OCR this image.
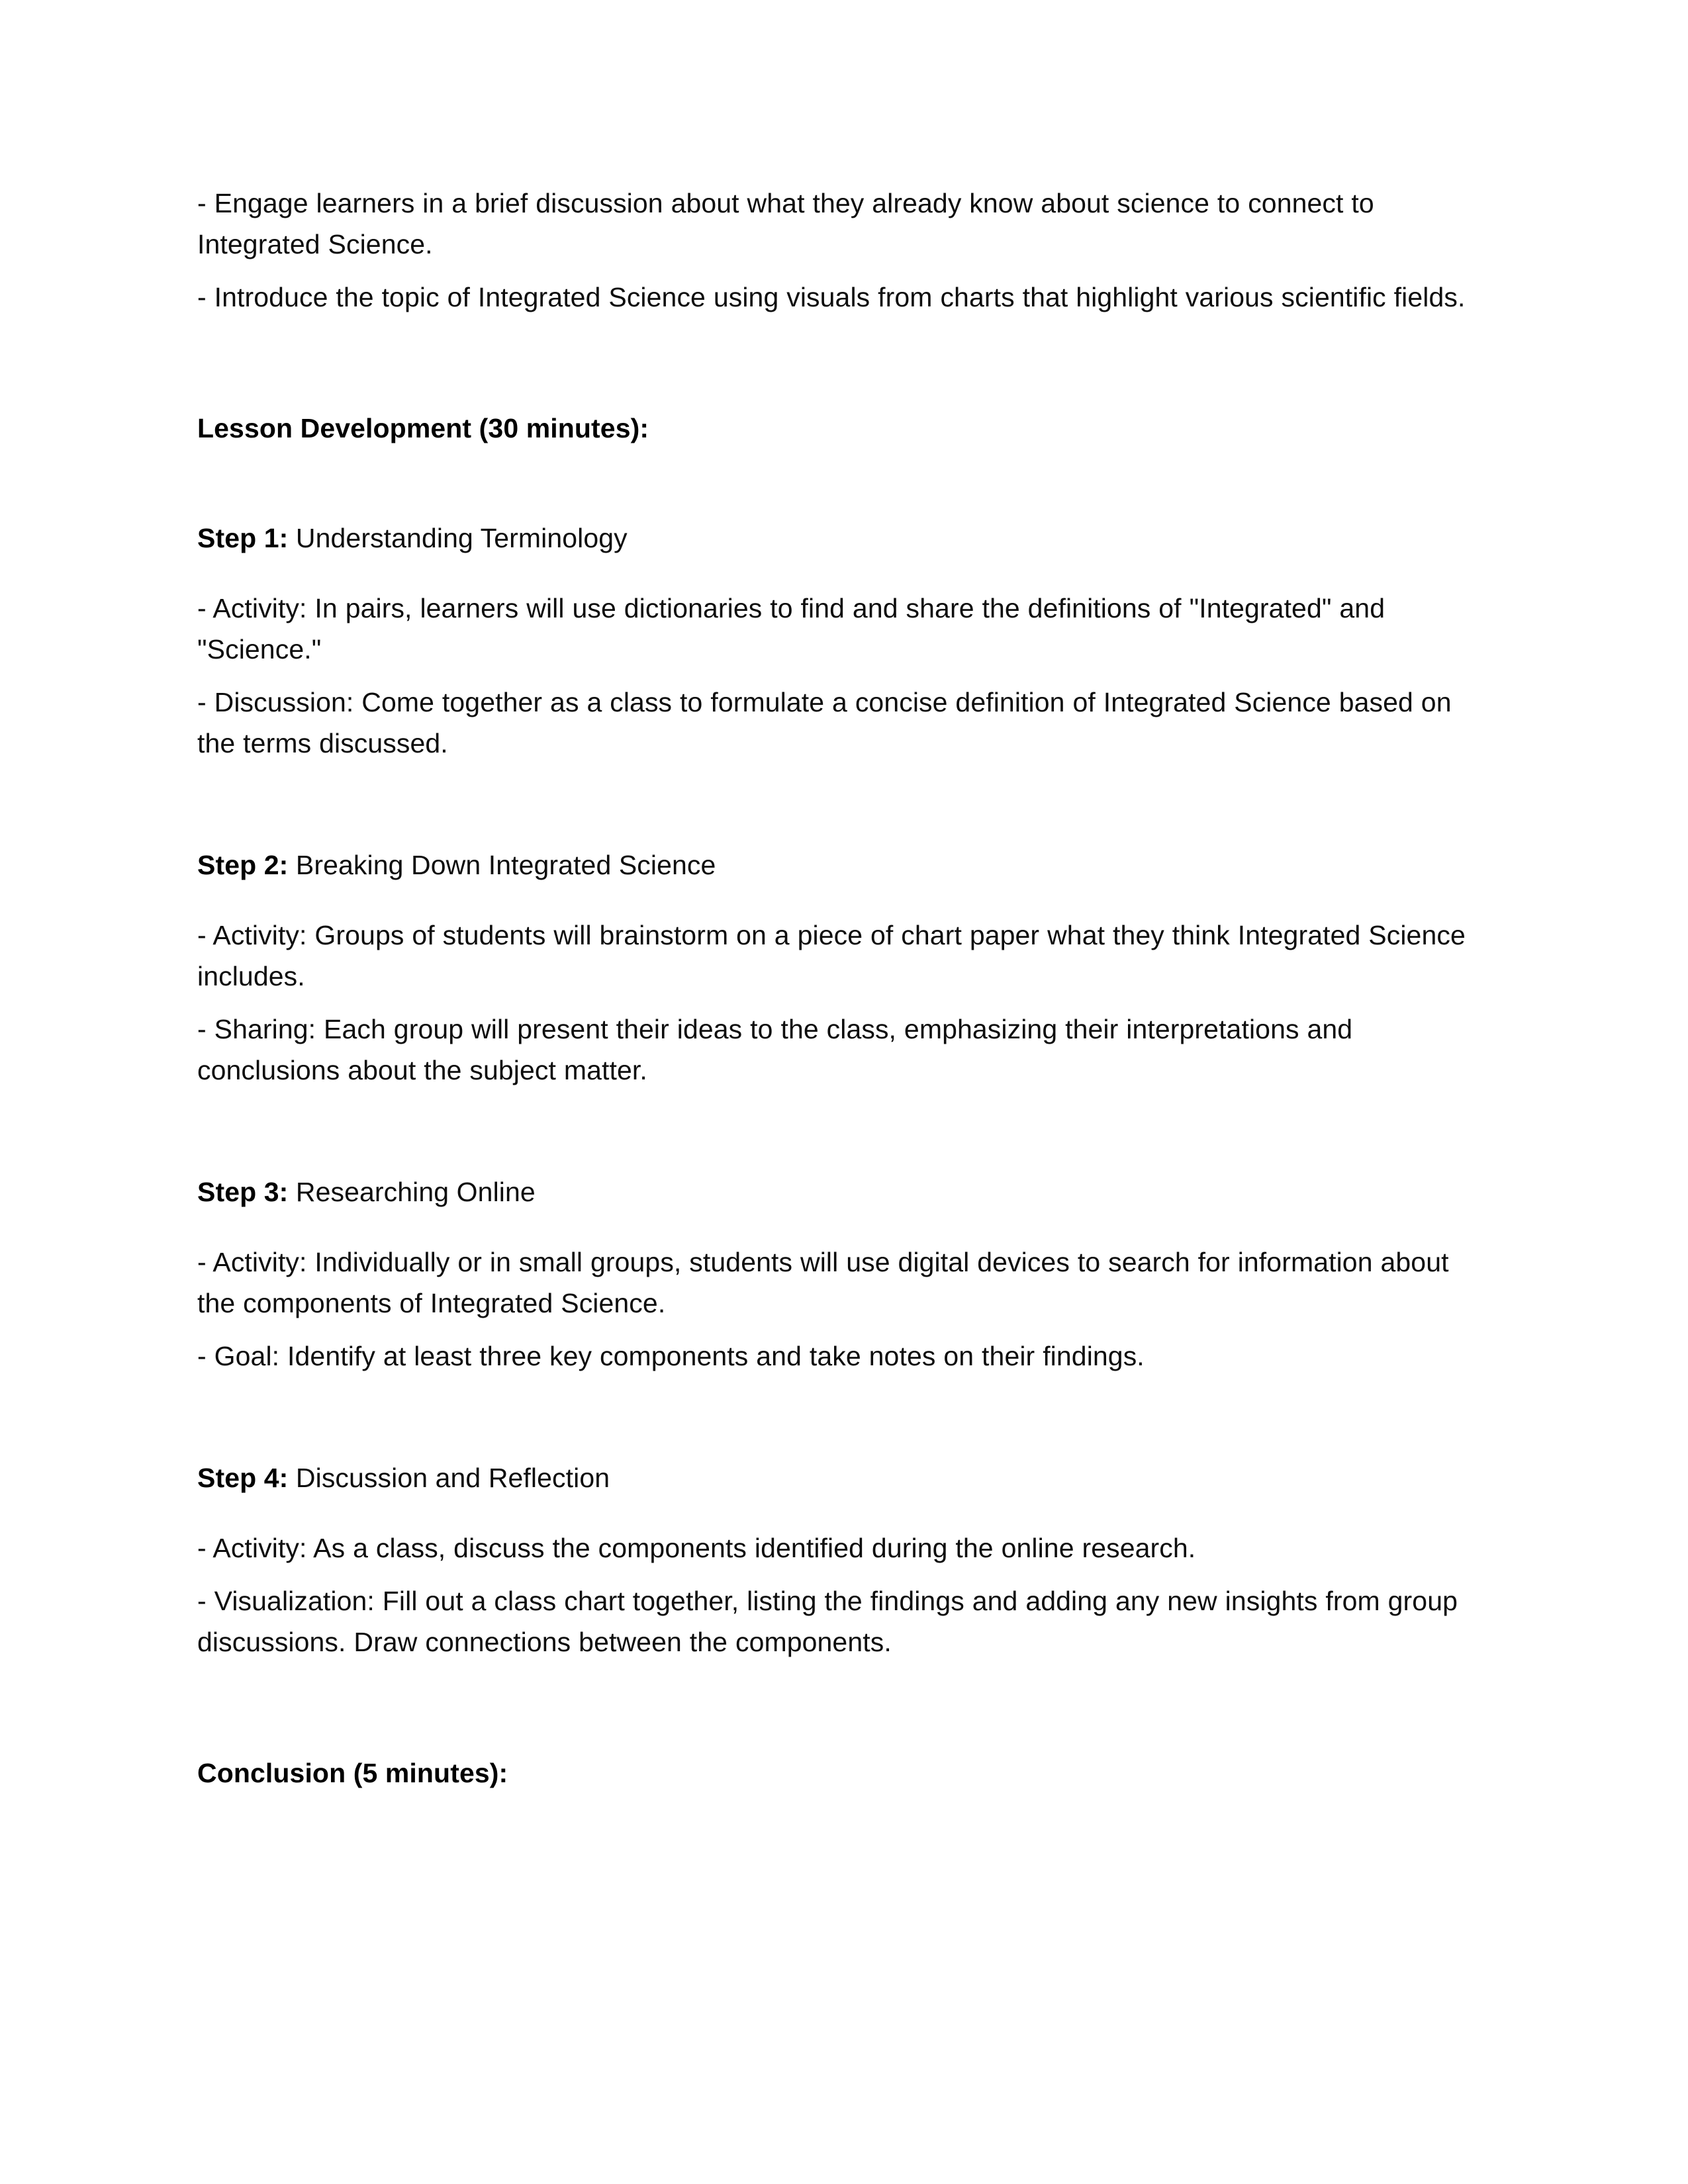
- Engage learners in a brief discussion about what they already know about science to connect to Integrated Science.

- Introduce the topic of Integrated Science using visuals from charts that highlight various scientific fields.

Lesson Development (30 minutes):

Step 1: Understanding Terminology

- Activity: In pairs, learners will use dictionaries to find and share the definitions of "Integrated" and "Science."

- Discussion: Come together as a class to formulate a concise definition of Integrated Science based on the terms discussed.

Step 2: Breaking Down Integrated Science

- Activity: Groups of students will brainstorm on a piece of chart paper what they think Integrated Science includes.

- Sharing: Each group will present their ideas to the class, emphasizing their interpretations and conclusions about the subject matter.

Step 3: Researching Online

- Activity: Individually or in small groups, students will use digital devices to search for information about the components of Integrated Science.

- Goal: Identify at least three key components and take notes on their findings.

Step 4: Discussion and Reflection

- Activity: As a class, discuss the components identified during the online research.

- Visualization: Fill out a class chart together, listing the findings and adding any new insights from group discussions. Draw connections between the components.

Conclusion (5 minutes):
